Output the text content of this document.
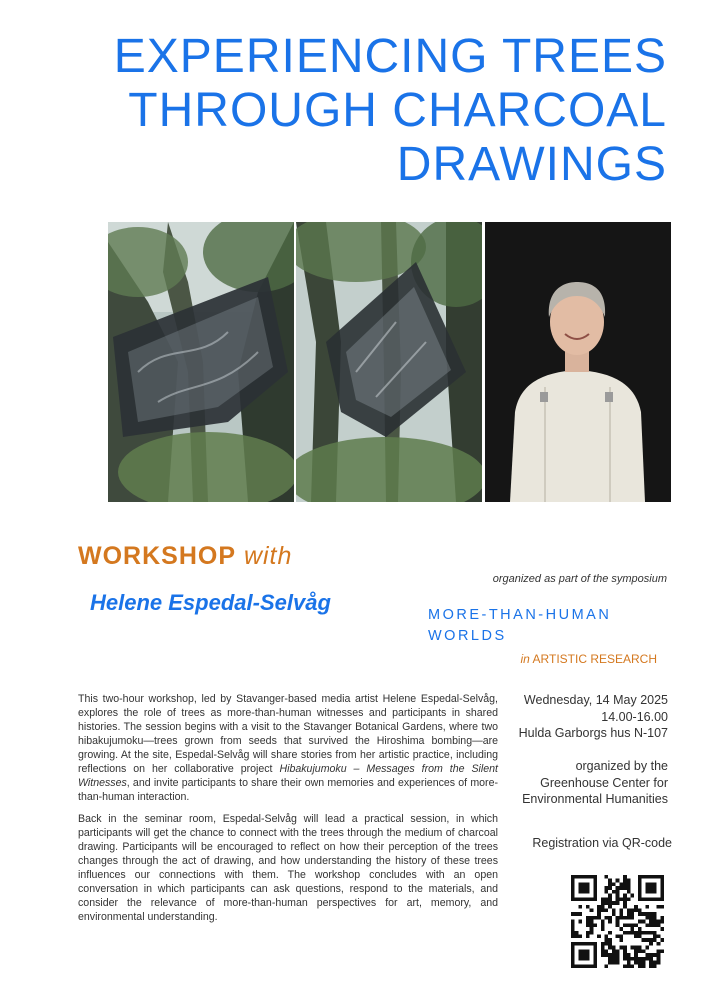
EXPERIENCING TREES
THROUGH CHARCOAL
DRAWINGS
WORKSHOP with
Helene Espedal-Selvåg
organized as part of the symposium
MORE-THAN-HUMAN
WORLDS
in ARTISTIC RESEARCH

This two-hour workshop, led by Stavanger-based media artist Helene Espedal-Selvåg, explores the role of trees as more-than-human witnesses and participants in shared histories. The session begins with a visit to the Stavanger Botanical Gardens, where two hibakujumoku—trees grown from seeds that survived the Hiroshima bombing—are growing. At the site, Espedal-Selvåg will share stories from her artistic practice, including reflections on her collaborative project Hibakujumoku – Messages from the Silent Witnesses, and invite participants to share their own memories and experiences of more-than-human interaction.

Back in the seminar room, Espedal-Selvåg will lead a practical session, in which participants will get the chance to connect with the trees through the medium of charcoal drawing. Participants will be encouraged to reflect on how their perception of the trees changes through the act of drawing, and how understanding the history of these trees influences our connections with them. The workshop concludes with an open conversation in which participants can ask questions, respond to the materials, and consider the relevance of more-than-human perspectives for art, memory, and environmental understanding.

Wednesday, 14 May 2025
14.00-16.00
Hulda Garborgs hus N-107
organized by the
Greenhouse Center for
Environmental Humanities
Registration via QR-code
